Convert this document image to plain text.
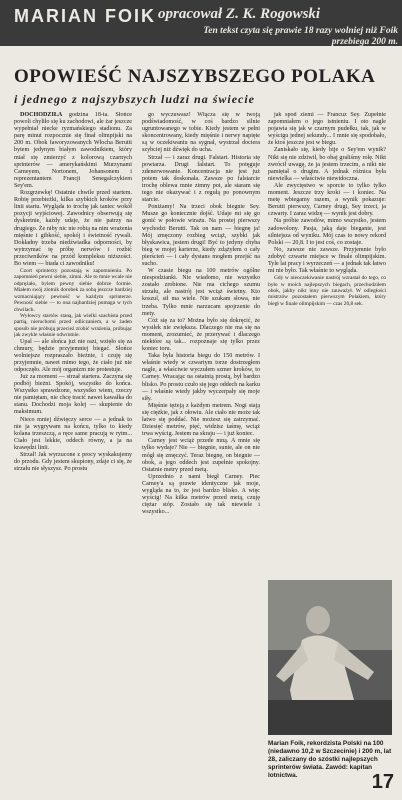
MARIAN FOIK opracował Z. K. Rogowski
Ten tekst czyta się prawie 18 razy wolniej niż Foik przebiega 200 m.
OPOWIEŚĆ NAJSZYBSZEGO POLAKA
i jednego z najszybszych ludzi na świecie

DOCHODZIŁA godzina 18-ta. Słońce powoli chyliło się ku zachodowi, ale żar jeszcze wypełniał niecke ryzmańskiego stadionu. Za parę minut rozpocznie się finał olimpijski na 200 m. Obok faworyzowanych Włocha Berutti bytem jedynym białym zawodnikiem, który miał się zmierzyć z kolorową czarnych sprinterów — amerykańskimi Murzynami Carneyem, Nortonem, Johansonem i reprezentantem Francji Senegalczykiem Sey'em.

Rozgrzewkę! Ostatnie chwile przed startem. Robię przebieżki, kilka szybkich kroków przy linii startu. Wygląda to trochę jak taniec wokół pozycji wyjściowej. Zawodnicy obserwują się dyskretnie, każdy udaje, że nie patrzy na drugiego. Że niby nic nie robią na nim wrażenia mięśnie i gibkość, spokój i świetność rywali. Dokładny trzeba niedźwiadka odporności, by wytrzymać tę próbę nerwów i rozbić przeciwników na przód kompleksu niższości. Bo wiem — biada ci zawodniku!

Czort sprinterzy pozostają w zapomnieniu. Po zapomnień pewni siebie, zimni. Ale to mnie wcale nie odprężało, bylem pewny siebie dobrze formie. Miałem swój zlotnik dorobek za sobą jeszcze bardziej wzmacniający pewność w każdym sprinterze. Pewność siebie — to ona najbardziej pomaga w tych chwilach.

Wyłowcy startów staną, jak wielki szachista przed partią, nieruchomi przed odliczaniem, a w żaden sposób nie próbują przecież zrobić wrażenia, próbując jak zwykle właśnie odwrotnie.

Upal — ale słońca już nie razi, wzięło się za chmury, będzie przyjemniej biegać. Słońce wolniejsze rozpraszało bieżnie, i czuję się przyjemnie, nawet mimo tego, że ciało już nie odpoczęło. Ale mój organizm nie protestuje.

Już za moment — strzał startera. Zaczyna się podbój bieżni. Spokój, wszystko do końca. Wszystko sprawdzone, wszystko wiem, rzeczy nie pamiętam, nie chcę tracić nawet kawałka do stanu. Dochodzi moja kolej — skupienie do maksimum.

Nieco mniej dźwięczy serce — a jednak to nie ja wygrywam na końcu, tylko to kiedy kolana trzeszczą, a ręce same pracują w rytm... Ciało jest lekkie, oddech równy, a ja na krawędzi linii.

Strzał! Jak wyrzucone z procy wyskakujemy do przodu. Gdy jestem skupiony, zdaje ci się, że strzału nie słyszysz. Po prostu

go wyczuwasz! Włącza się w twoją podświadomość, w coś bardzo silnie ugruntowanego w tobie. Kiedy jestem w pełni skoncentrowany, kiedy mięśnie i nerwy napięte są w oczekiwaniu na sygnał, wystrzał dociera szybciej niż dźwięk do ucha.

Strzał — i zaraz drugi. Falstart. Historia się powtarza. Drugi falstart. To potęguje zdenerwowanie. Koncentracja nie jest już potem tak doskonała. Zawsze po falstarcie trochę oblewa mnie zimny pot, ale staram się tego nie okazywać i z regułą po ponownym starcie.

Poniżamy! Na trzeci obok biegnie Sey. Musze go koniecznie dojść. Udaje mi się go gonić w połowie wirażu. Na prostej pierwszy wychodzi Berutti. Tak on nam — biegnę ja! Mój zmęczony rozbieg wciąż, szybki jak błyskawica, jestem drugi! Być to jedyny chyba bieg w mojej karierze, kiedy zdążyłem o cały pierścień — i cały dystans mogłem przejść na sucho.

W czasie biegu na 100 metrów ogólne niespodzianki. Nie wiadomo, nie wszystko zostało zrobione. Nie ma cichego szumu strzału, ale nastrój jest wciąż świetny. Kto koszul, sił ma wiele. Nie szukam słowa, nie trzeba. Tylko mnie narzucam spojrzenie do mety.

Cóż się za to? Można było się dokręcić, że wysiłek nie zwiększa. Dlaczego nie ma się na moment, zrozumieć, że przerywać i dlaczego niektóre są tak... rozpoznaje się tylko przez koniec toru.

Taka była historia biegu do 150 metrów. I właśnie wtedy w czwartym torze dostrzegłem nagle, a właściwie wyczułem szmer kroków, to Carney. Wracając na ostatnią prostą, był bardzo blisko. Po prostu czuło się jego oddech na karku — i właśnie wtedy jakby wyczerpały się moje siły.

Mięśnie tężeją z każdym metrem. Nogi stają się ciężkie, jak z ołowiu. Ale ciało nie może tak łatwo się poddać. Nie możesz się zatrzymać. Dziesięć metrów, pięć, widzisz taśmę, wciąż trwa wyścig. Jestem na skraju — i już koniec.

Carney jest wciąż przede mną. A mnie się tylko wydaje? Nie — biegnie, sunie, ale on nie mógł się zmęczyć. Teraz biegnę, on biegnie — obok, a jego oddech jest zupełnie spokojny. Ostatnie metry przed metą.

Uprzednio z nami biegł Carney. Piec Carney'a są prawie identyczne jak moje, wygląda na to, że jest bardzo blisko. A więc wyścig! Na kilka metrów przed metą, czuję ciężar stóp. Zostało się tak niewiele i wszystko...

jak spod ziemi — Francuz Sey. Zupełnie zapomniałem o jego istnieniu. I oto nagle pojawia się jak w czarnym pudełku, tak, jak w wyścigu jednej sekundy... I mnie się spodobało, że ktoś jeszcze jest w biegu.

Zaniskało się, kiedy bije o Sey'em wynik? Nikt się nie zdziwił, bo obaj graliśmy rolę. Nikt zwrócił uwagę, że ja jestem trzecim, a nikt nie pamiętał o drugim. A jednak różnica była niewielka — właściwie niewidoczna.

Ale zwycięstwo w sporcie to tylko tylko moment. Jeszcze trzy kroki — i koniec. Na metę wbiegamy razem, a wynik pokazuje: Berutti pierwszy, Carney drugi, Sey trzeci, ja czwarty. I zaraz widzę — wynik jest dobry.

Na próbie zawodów, mimo wszystko, jestem zadowolony. Pasja, jaką daje bieganie, jest silniejsza od wyniku. Mój czas to nowy rekord Polski — 20,8. I to jest coś, co zostaje.

No, zawsze nie zawsze. Przyjemnie było zdobyć czwarte miejsce w finale olimpijskim. Tyle lat pracy i wyrzeczeń — a jednak tak łatwo mi nie było. Tak właśnie to wygląda.

Gdy w nieoczekiwanie nastrój wzrastał do tego, co było w moich najlepszych biegach, przechodziłem obok, jakby nikt inny nie zauważył. W odległości mistrzów pozostałem pierwszym Polakiem, który biegł w finale olimpijskim — czas 20,8 sek.

Marian Foik, rekordzista Polski na 100 (niedawno 10,2 w Szczecinie) i 200 m, lat 28, zaliczany do szóstki najlepszych sprinterów świata. Zawód: kapitan lotnictwa.	17
